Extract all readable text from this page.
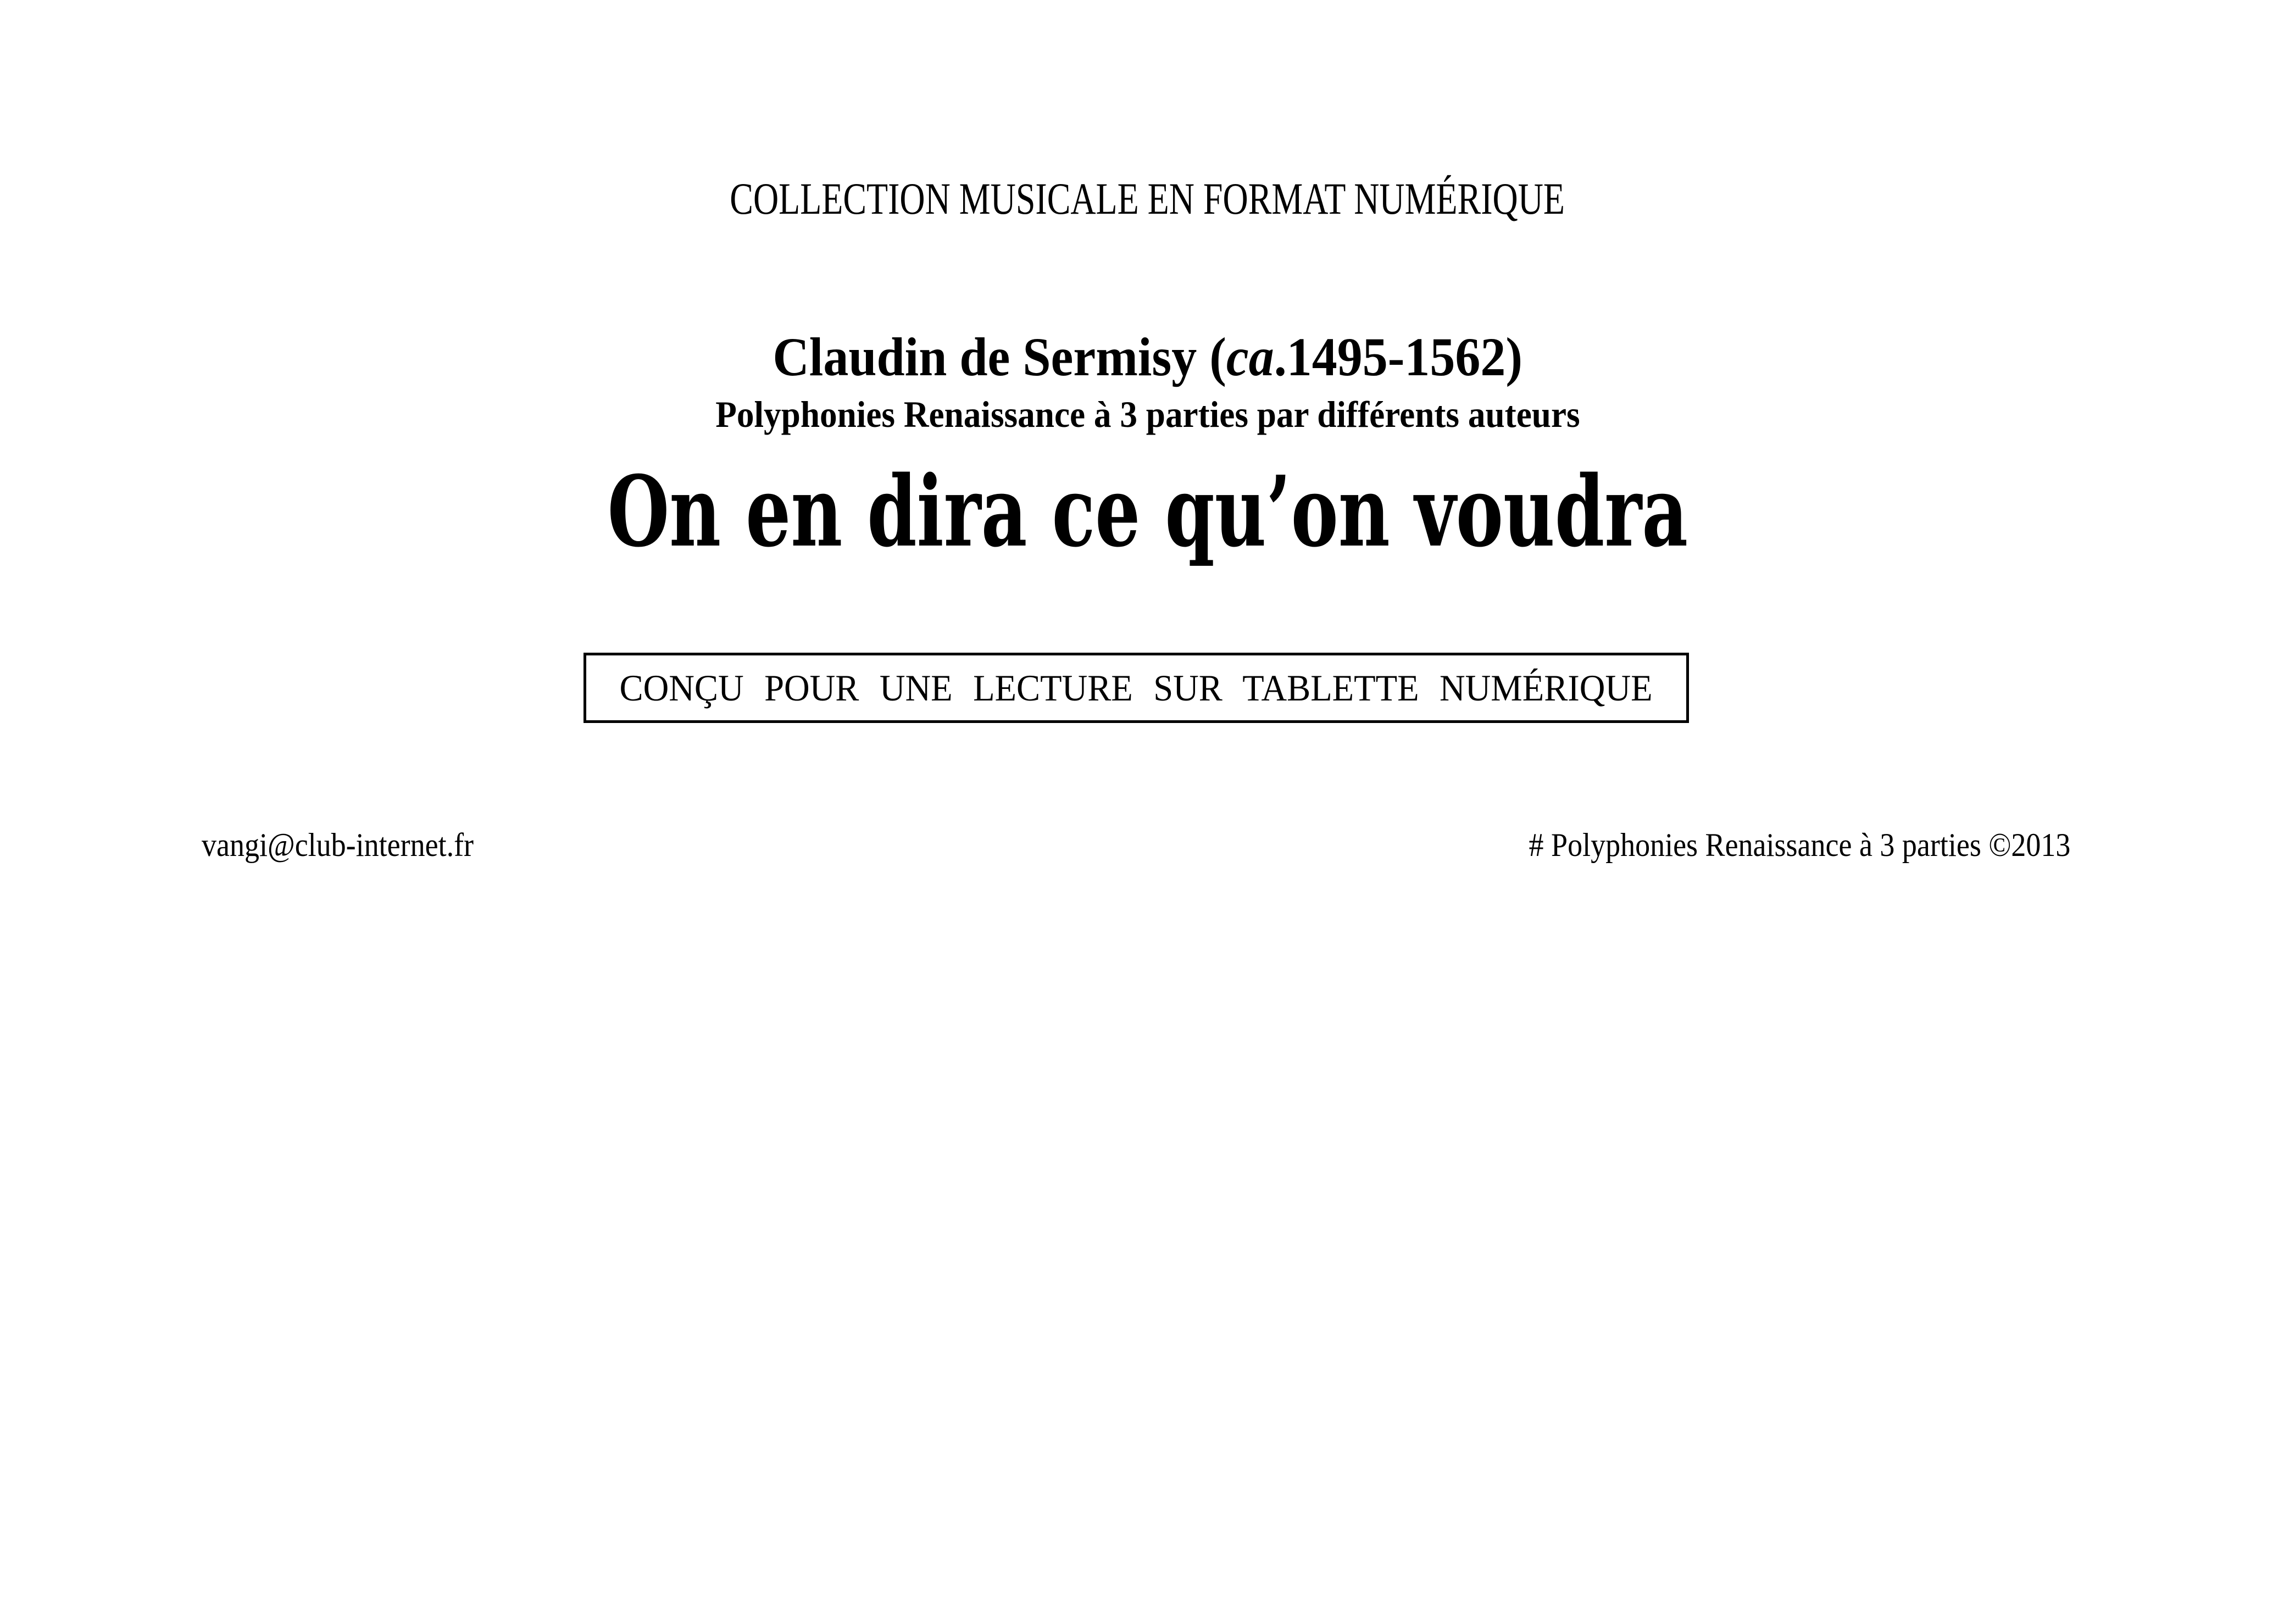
COLLECTION MUSICALE EN FORMAT NUMÉRIQUE
Claudin de Sermisy (ca.1495-1562)
Polyphonies Renaissance à 3 parties par différents auteurs
On en dira ce qu’on voudra
CONÇU POUR UNE LECTURE SUR TABLETTE NUMÉRIQUE
vangi@club-internet.fr	# Polyphonies Renaissance à 3 parties ©2013
